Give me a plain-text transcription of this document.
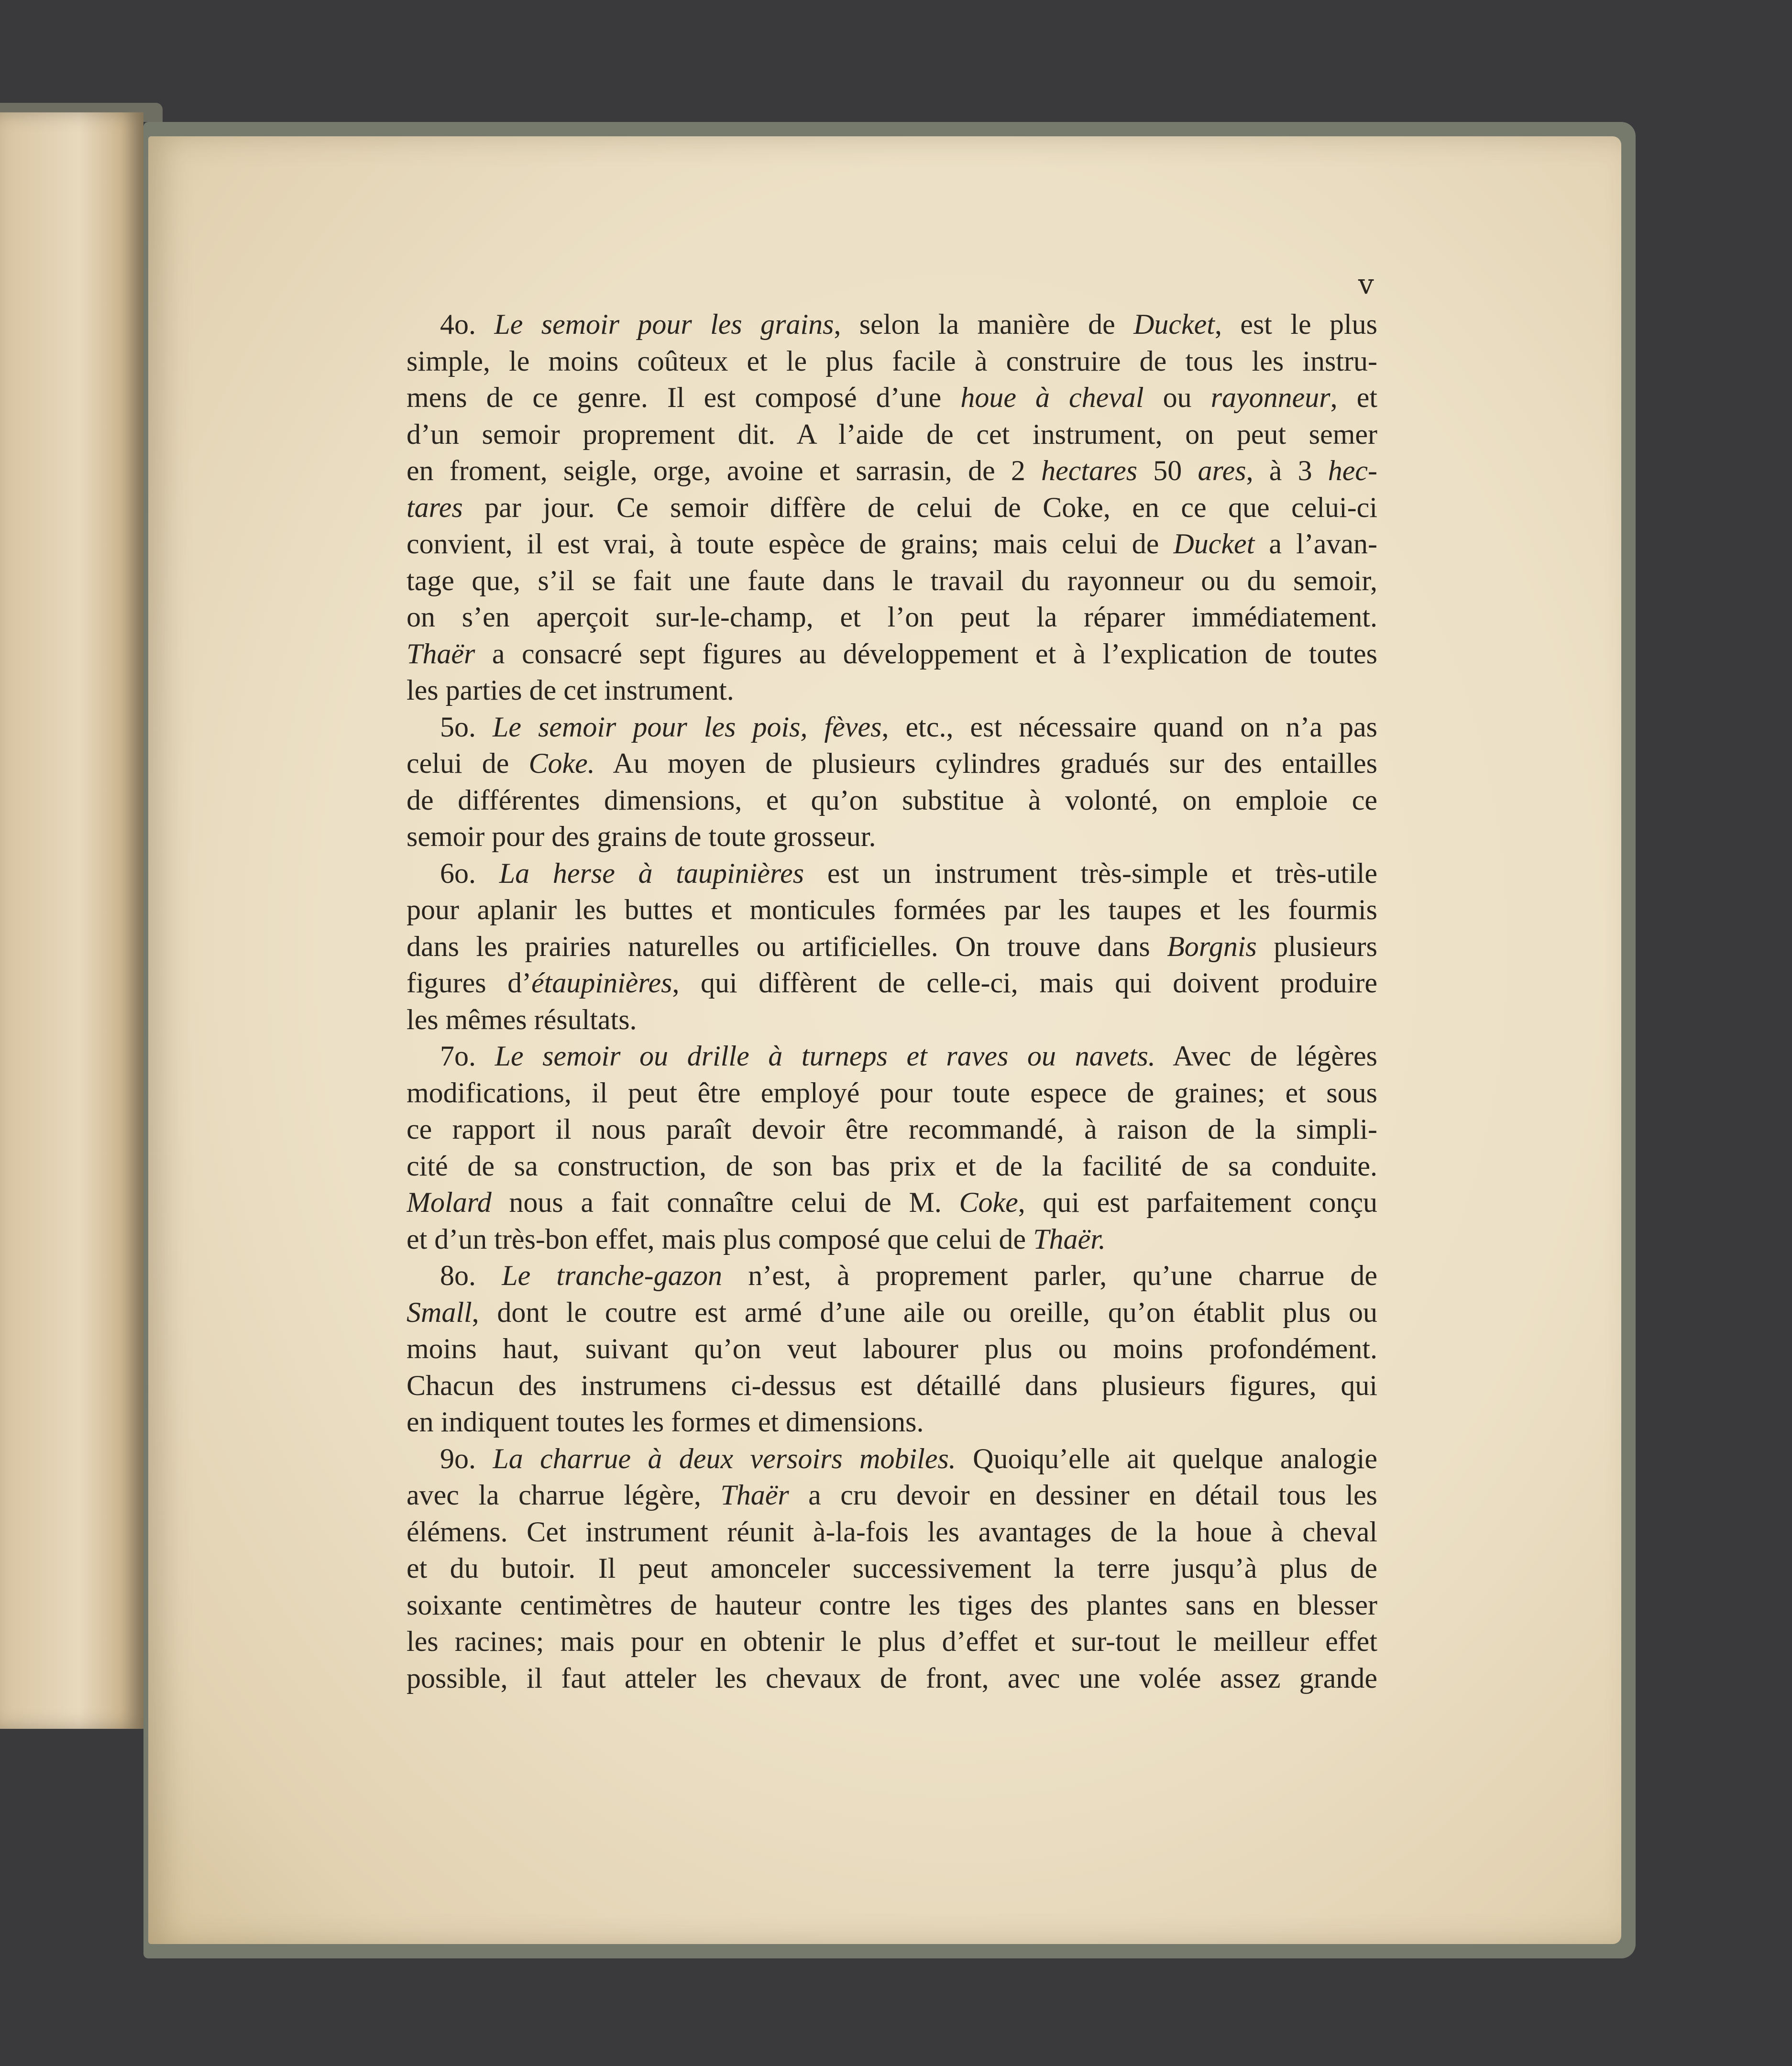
v
4o. Le semoir pour les grains, selon la manière de Ducket, est le plus
simple, le moins coûteux et le plus facile à construire de tous les instru-
mens de ce genre. Il est composé d’une houe à cheval ou rayonneur, et
d’un semoir proprement dit. A l’aide de cet instrument, on peut semer
en froment, seigle, orge, avoine et sarrasin, de 2 hectares 50 ares, à 3 hec-
tares par jour. Ce semoir diffère de celui de Coke, en ce que celui-ci
convient, il est vrai, à toute espèce de grains; mais celui de Ducket a l’avan-
tage que, s’il se fait une faute dans le travail du rayonneur ou du semoir,
on s’en aperçoit sur-le-champ, et l’on peut la réparer immédiatement.
Thaër a consacré sept figures au développement et à l’explication de toutes
les parties de cet instrument.
5o. Le semoir pour les pois, fèves, etc., est nécessaire quand on n’a pas
celui de Coke. Au moyen de plusieurs cylindres gradués sur des entailles
de différentes dimensions, et qu’on substitue à volonté, on emploie ce
semoir pour des grains de toute grosseur.
6o. La herse à taupinières est un instrument très-simple et très-utile
pour aplanir les buttes et monticules formées par les taupes et les fourmis
dans les prairies naturelles ou artificielles. On trouve dans Borgnis plusieurs
figures d’étaupinières, qui diffèrent de celle-ci, mais qui doivent produire
les mêmes résultats.
7o. Le semoir ou drille à turneps et raves ou navets. Avec de légères
modifications, il peut être employé pour toute espece de graines; et sous
ce rapport il nous paraît devoir être recommandé, à raison de la simpli-
cité de sa construction, de son bas prix et de la facilité de sa conduite.
Molard nous a fait connaître celui de M. Coke, qui est parfaitement conçu
et d’un très-bon effet, mais plus composé que celui de Thaër.
8o. Le tranche-gazon n’est, à proprement parler, qu’une charrue de
Small, dont le coutre est armé d’une aile ou oreille, qu’on établit plus ou
moins haut, suivant qu’on veut labourer plus ou moins profondément.
Chacun des instrumens ci-dessus est détaillé dans plusieurs figures, qui
en indiquent toutes les formes et dimensions.
9o. La charrue à deux versoirs mobiles. Quoiqu’elle ait quelque analogie
avec la charrue légère, Thaër a cru devoir en dessiner en détail tous les
élémens. Cet instrument réunit à-la-fois les avantages de la houe à cheval
et du butoir. Il peut amonceler successivement la terre jusqu’à plus de
soixante centimètres de hauteur contre les tiges des plantes sans en blesser
les racines; mais pour en obtenir le plus d’effet et sur-tout le meilleur effet
possible, il faut atteler les chevaux de front, avec une volée assez grande
